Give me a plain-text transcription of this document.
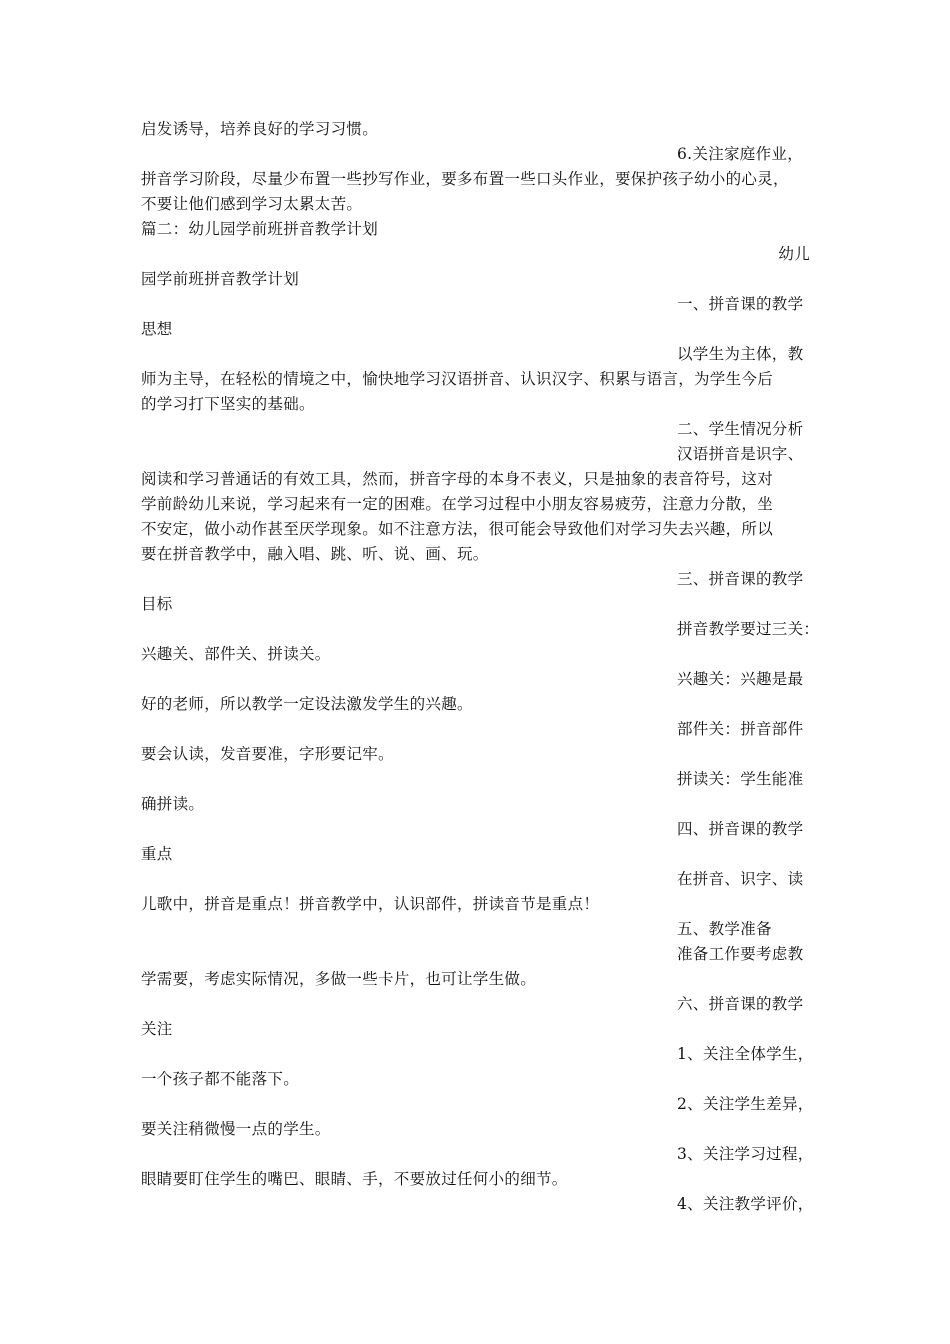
启发诱导，培养良好的学习习惯。
6.关注家庭作业，
拼音学习阶段，尽量少布置一些抄写作业，要多布置一些口头作业，要保护孩子幼小的心灵，
不要让他们感到学习太累太苦。
篇二：幼儿园学前班拼音教学计划
幼儿
园学前班拼音教学计划
一、拼音课的教学
思想
以学生为主体，教
师为主导，在轻松的情境之中，愉快地学习汉语拼音、认识汉字、积累与语言，为学生今后
的学习打下坚实的基础。
二、学生情况分析
汉语拼音是识字、
阅读和学习普通话的有效工具，然而，拼音字母的本身不表义，只是抽象的表音符号，这对
学前龄幼儿来说，学习起来有一定的困难。在学习过程中小朋友容易疲劳，注意力分散，坐
不安定，做小动作甚至厌学现象。如不注意方法，很可能会导致他们对学习失去兴趣，所以
要在拼音教学中，融入唱、跳、听、说、画、玩。
三、拼音课的教学
目标
拼音教学要过三关：
兴趣关、部件关、拼读关。
兴趣关：兴趣是最
好的老师，所以教学一定设法激发学生的兴趣。
部件关：拼音部件
要会认读，发音要准，字形要记牢。
拼读关：学生能准
确拼读。
四、拼音课的教学
重点
在拼音、识字、读
儿歌中，拼音是重点！拼音教学中，认识部件，拼读音节是重点！
五、教学准备
准备工作要考虑教
学需要，考虑实际情况，多做一些卡片，也可让学生做。
六、拼音课的教学
关注
1、关注全体学生，
一个孩子都不能落下。
2、关注学生差异，
要关注稍微慢一点的学生。
3、关注学习过程，
眼睛要盯住学生的嘴巴、眼睛、手，不要放过任何小的细节。
4、关注教学评价，
